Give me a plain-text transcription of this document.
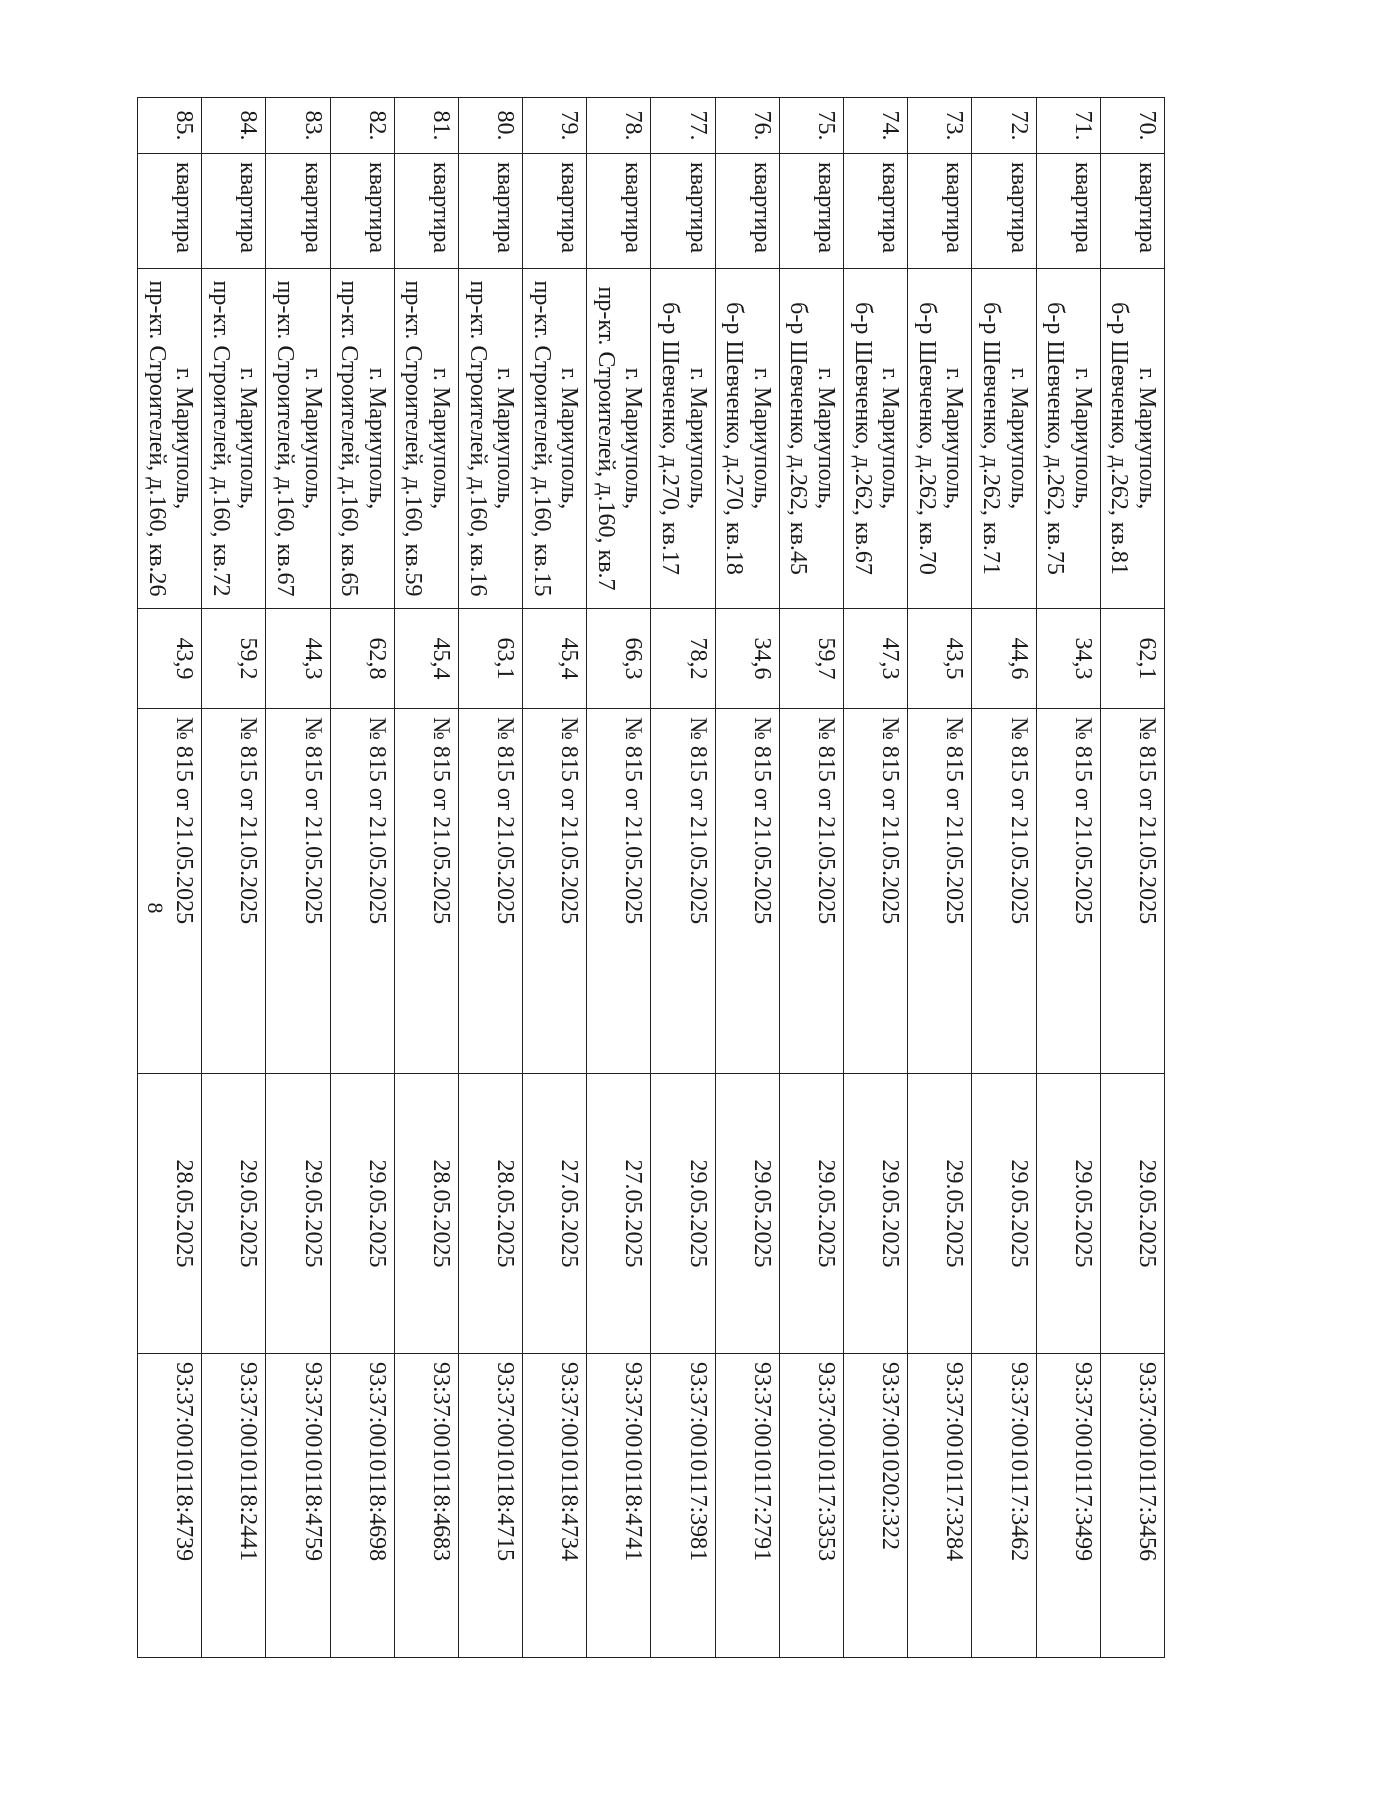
8
70.	квартира	г. Мариуполь,
б-р Шевченко, д.262, кв.81	62,1	№ 815 от 21.05.2025	29.05.2025	93:37:0010117:3456
71.	квартира	г. Мариуполь,
б-р Шевченко, д.262, кв.75	34,3	№ 815 от 21.05.2025	29.05.2025	93:37:0010117:3499
72.	квартира	г. Мариуполь,
б-р Шевченко, д.262, кв.71	44,6	№ 815 от 21.05.2025	29.05.2025	93:37:0010117:3462
73.	квартира	г. Мариуполь,
б-р Шевченко, д.262, кв.70	43,5	№ 815 от 21.05.2025	29.05.2025	93:37:0010117:3284
74.	квартира	г. Мариуполь,
б-р Шевченко, д.262, кв.67	47,3	№ 815 от 21.05.2025	29.05.2025	93:37:0010202:322
75.	квартира	г. Мариуполь,
б-р Шевченко, д.262, кв.45	59,7	№ 815 от 21.05.2025	29.05.2025	93:37:0010117:3353
76.	квартира	г. Мариуполь,
б-р Шевченко, д.270, кв.18	34,6	№ 815 от 21.05.2025	29.05.2025	93:37:0010117:2791
77.	квартира	г. Мариуполь,
б-р Шевченко, д.270, кв.17	78,2	№ 815 от 21.05.2025	29.05.2025	93:37:0010117:3981
78.	квартира	г. Мариуполь,
пр-кт. Строителей, д.160, кв.7	66,3	№ 815 от 21.05.2025	27.05.2025	93:37:0010118:4741
79.	квартира	г. Мариуполь,
пр-кт. Строителей, д.160, кв.15	45,4	№ 815 от 21.05.2025	27.05.2025	93:37:0010118:4734
80.	квартира	г. Мариуполь,
пр-кт. Строителей, д.160, кв.16	63,1	№ 815 от 21.05.2025	28.05.2025	93:37:0010118:4715
81.	квартира	г. Мариуполь,
пр-кт. Строителей, д.160, кв.59	45,4	№ 815 от 21.05.2025	28.05.2025	93:37:0010118:4683
82.	квартира	г. Мариуполь,
пр-кт. Строителей, д.160, кв.65	62,8	№ 815 от 21.05.2025	29.05.2025	93:37:0010118:4698
83.	квартира	г. Мариуполь,
пр-кт. Строителей, д.160, кв.67	44,3	№ 815 от 21.05.2025	29.05.2025	93:37:0010118:4759
84.	квартира	г. Мариуполь,
пр-кт. Строителей, д.160, кв.72	59,2	№ 815 от 21.05.2025	29.05.2025	93:37:0010118:2441
85.	квартира	г. Мариуполь,
пр-кт. Строителей, д.160, кв.26	43,9	№ 815 от 21.05.2025	28.05.2025	93:37:0010118:4739
